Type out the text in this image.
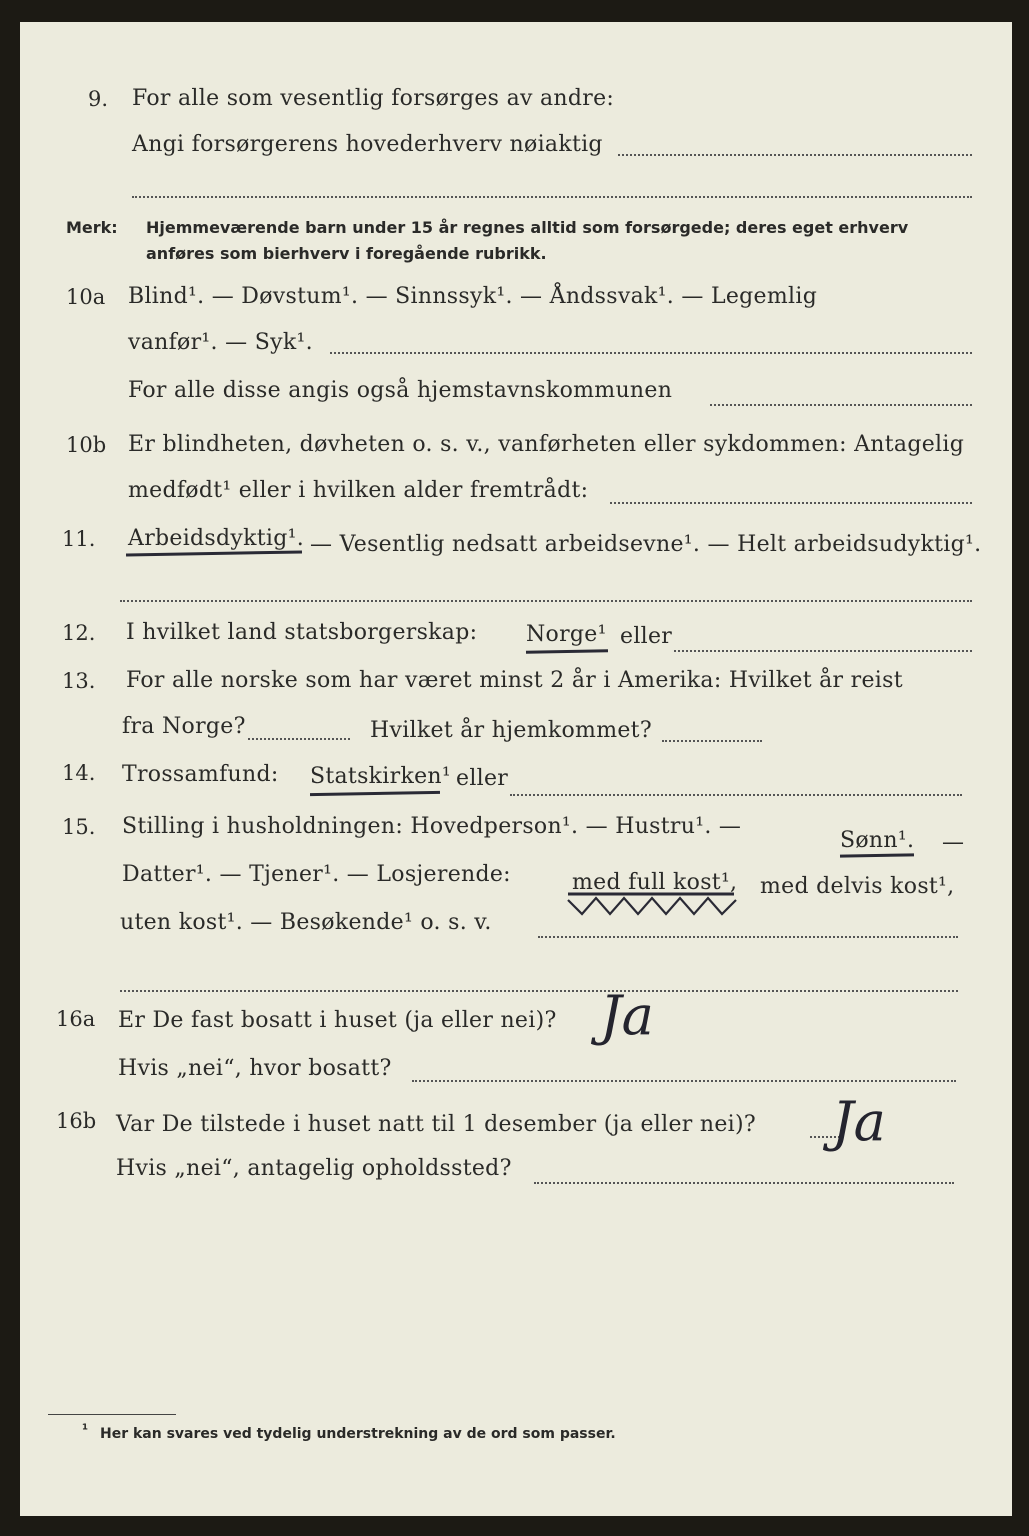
9. For alle som vesentlig forsørges av andre:
Angi forsørgerens hovederhverv nøiaktig
Merk: Hjemmeværende barn under 15 år regnes alltid som forsørgede; deres eget erhverv
anføres som bierhverv i foregående rubrikk.
10a Blind¹. — Døvstum¹. — Sinnssyk¹. — Åndssvak¹. — Legemlig
vanfør¹. — Syk¹.
For alle disse angis også hjemstavnskommunen
10b Er blindheten, døvheten o. s. v., vanførheten eller sykdommen: Antagelig
medfødt¹ eller i hvilken alder fremtrådt:
11. Arbeidsdyktig¹. — Vesentlig nedsatt arbeidsevne¹. — Helt arbeidsudyktig¹.
12. I hvilket land statsborgerskap: Norge¹ eller
13. For alle norske som har været minst 2 år i Amerika: Hvilket år reist
fra Norge?	Hvilket år hjemkommet?
14. Trossamfund: Statskirken¹ eller
15. Stilling i husholdningen: Hovedperson¹. — Hustru¹. —
Sønn¹. —
Datter¹. — Tjener¹. — Losjerende:	med full kost¹, med delvis kost¹,
uten kost¹. — Besøkende¹ o. s. v.
16a Er De fast bosatt i huset (ja eller nei)? Ja
Hvis „nei“, hvor bosatt?
16b Var De tilstede i huset natt til 1 desember (ja eller nei)? Ja
Hvis „nei“, antagelig opholdssted?
¹ Her kan svares ved tydelig understrekning av de ord som passer.
